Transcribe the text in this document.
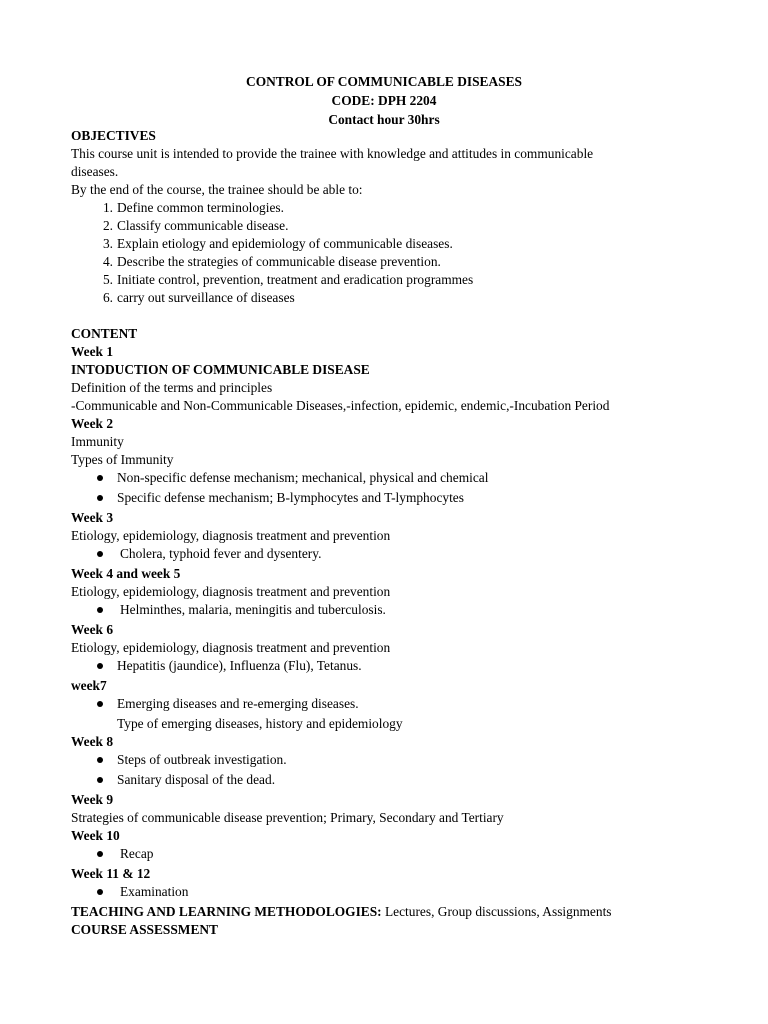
CONTROL OF COMMUNICABLE DISEASES
CODE: DPH 2204
Contact hour 30hrs
OBJECTIVES
This course unit is intended to provide the trainee with knowledge and attitudes in communicable
diseases.
By the end of the course, the trainee should be able to:
1. Define common terminologies.
2. Classify communicable disease.
3. Explain etiology and epidemiology of communicable diseases.
4. Describe the strategies of communicable disease prevention.
5. Initiate control, prevention, treatment and eradication programmes
6. carry out surveillance of diseases
CONTENT
Week 1
INTODUCTION OF COMMUNICABLE DISEASE
Definition of the terms and principles
-Communicable and Non-Communicable Diseases,-infection, epidemic, endemic,-Incubation Period
Week 2
Immunity
Types of Immunity
Non-specific defense mechanism; mechanical, physical and chemical
Specific defense mechanism; B-lymphocytes and T-lymphocytes
Week 3
Etiology, epidemiology, diagnosis treatment and prevention
Cholera, typhoid fever and dysentery.
Week 4 and week 5
Etiology, epidemiology, diagnosis treatment and prevention
Helminthes, malaria, meningitis and tuberculosis.
Week 6
Etiology, epidemiology, diagnosis treatment and prevention
Hepatitis (jaundice), Influenza (Flu), Tetanus.
week7
Emerging diseases and re-emerging diseases.
Type of emerging diseases, history and epidemiology
Week 8
Steps of outbreak investigation.
Sanitary disposal of the dead.
Week 9
Strategies of communicable disease prevention; Primary, Secondary and Tertiary
Week 10
Recap
Week 11 & 12
Examination
TEACHING AND LEARNING METHODOLOGIES: Lectures, Group discussions, Assignments
COURSE ASSESSMENT
